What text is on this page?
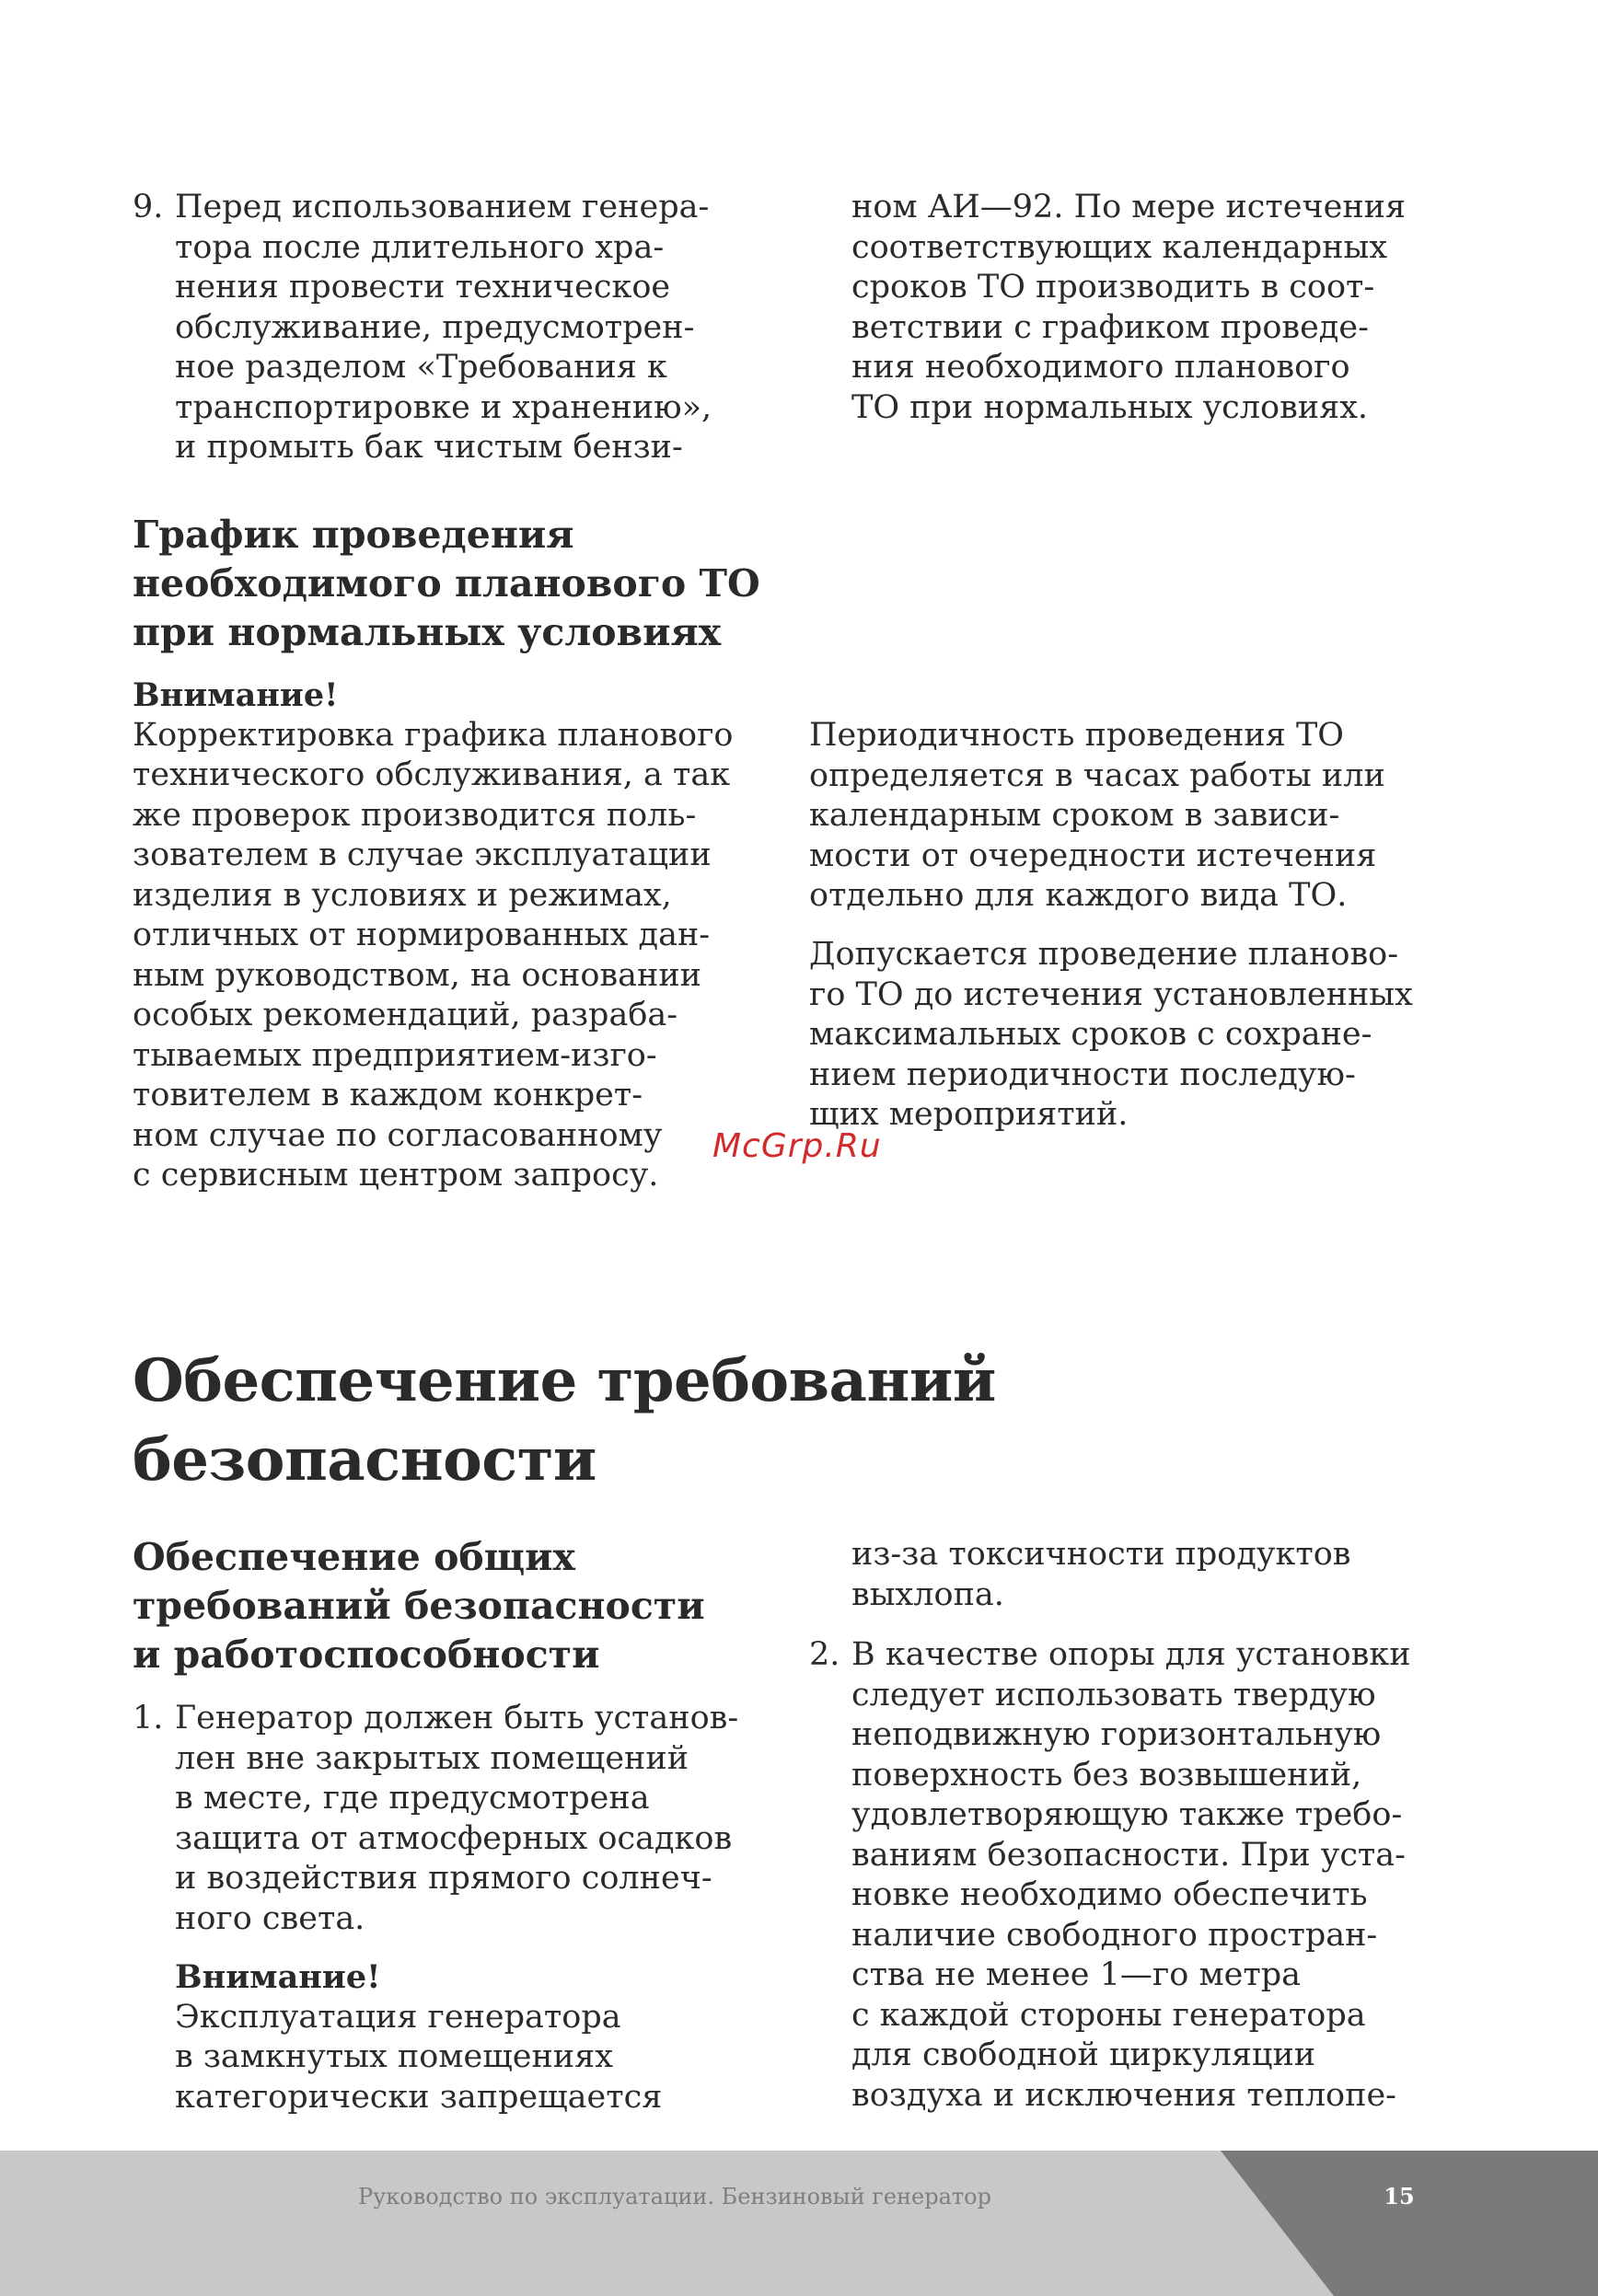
9. Перед использованием генера-
тора после длительного хра-
нения провести техническое
обслуживание, предусмотрен-
ное разделом «Требования к
транспортировке и хранению»,
и промыть бак чистым бензи-

ном АИ—92. По мере истечения
соответствующих календарных
сроков ТО производить в соот-
ветствии с графиком проведе-
ния необходимого планового
ТО при нормальных условиях.

График проведения
необходимого планового ТО
при нормальных условиях
Внимание!

Корректировка графика планового
технического обслуживания, а так
же проверок производится поль-
зователем в случае эксплуатации
изделия в условиях и режимах,
отличных от нормированных дан-
ным руководством, на основании
особых рекомендаций, разраба-
тываемых предприятием-изго-
товителем в каждом конкрет-
ном случае по согласованному
с сервисным центром запросу.

Периодичность проведения ТО
определяется в часах работы или
календарным сроком в зависи-
мости от очередности истечения
отдельно для каждого вида ТО.

Допускается проведение планово-
го ТО до истечения установленных
максимальных сроков с сохране-
нием периодичности последую-
щих мероприятий.

McGrp.Ru
Обеспечение требований
безопасности
Обеспечение общих
требований безопасности
и работоспособности
1. Генератор должен быть установ-
лен вне закрытых помещений
в месте, где предусмотрена
защита от атмосферных осадков
и воздействия прямого солнеч-
ного света.

Внимание!

Эксплуатация генератора
в замкнутых помещениях
категорически запрещается

из-за токсичности продуктов
выхлопа.

2. В качестве опоры для установки
следует использовать твердую
неподвижную горизонтальную
поверхность без возвышений,
удовлетворяющую также требо-
ваниям безопасности. При уста-
новке необходимо обеспечить
наличие свободного простран-
ства не менее 1—го метра
с каждой стороны генератора
для свободной циркуляции
воздуха и исключения теплопе-

Руководство по эксплуатации. Бензиновый генератор	15
